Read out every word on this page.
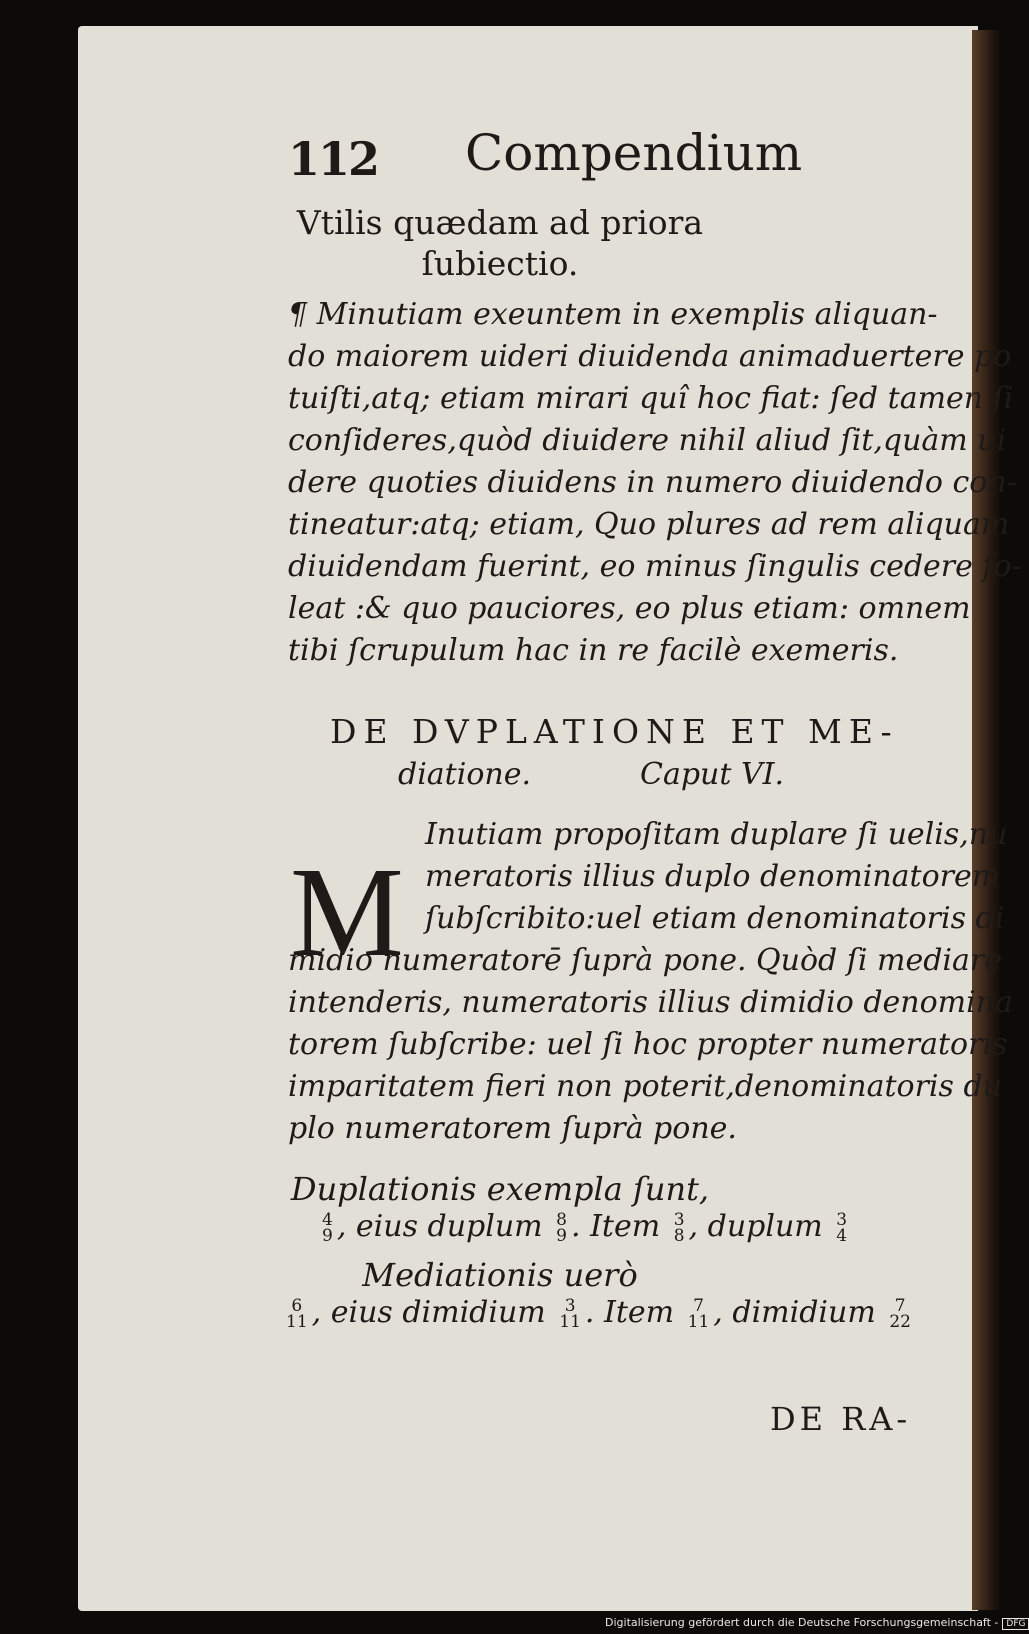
112 Compendium

Vtilis quædam ad priora

ſubiectio.

¶ Minutiam exeuntem in exemplis aliquan-

do maiorem uideri diuidenda animaduertere po

tuiſti,atq; etiam mirari quî hoc fiat: ſed tamen ſi

conſideres,quòd diuidere nihil aliud ſit,quàm ui

dere quoties diuidens in numero diuidendo con-

tineatur:atq; etiam, Quo plures ad rem aliquam

diuidendam fuerint, eo minus ſingulis cedere ſo-

leat :& quo pauciores, eo plus etiam: omnem

tibi ſcrupulum hac in re facilè exemeris.

DE DVPLATIONE ET ME-

diatione.	Caput VI.

M

Inutiam propoſitam duplare ſi uelis,nu

meratoris illius duplo denominatorem

ſubſcribito:uel etiam denominatoris di

midio numeratorē ſuprà pone. Quòd ſi mediare

intenderis, numeratoris illius dimidio denomina

torem ſubſcribe: uel ſi hoc propter numeratoris

imparitatem fieri non poterit,denominatoris du

plo numeratorem ſuprà pone.

Duplationis exempla ſunt,

4
9 , eius duplum 8
9 . Item 3
8 , duplum 3
4

Mediationis uerò

6
11 , eius dimidium	3
11 . Item	7
11 , dimidium	7
22

DE RA-

Digitalisierung gefördert durch die Deutsche Forschungsgemeinschaft - DFG
